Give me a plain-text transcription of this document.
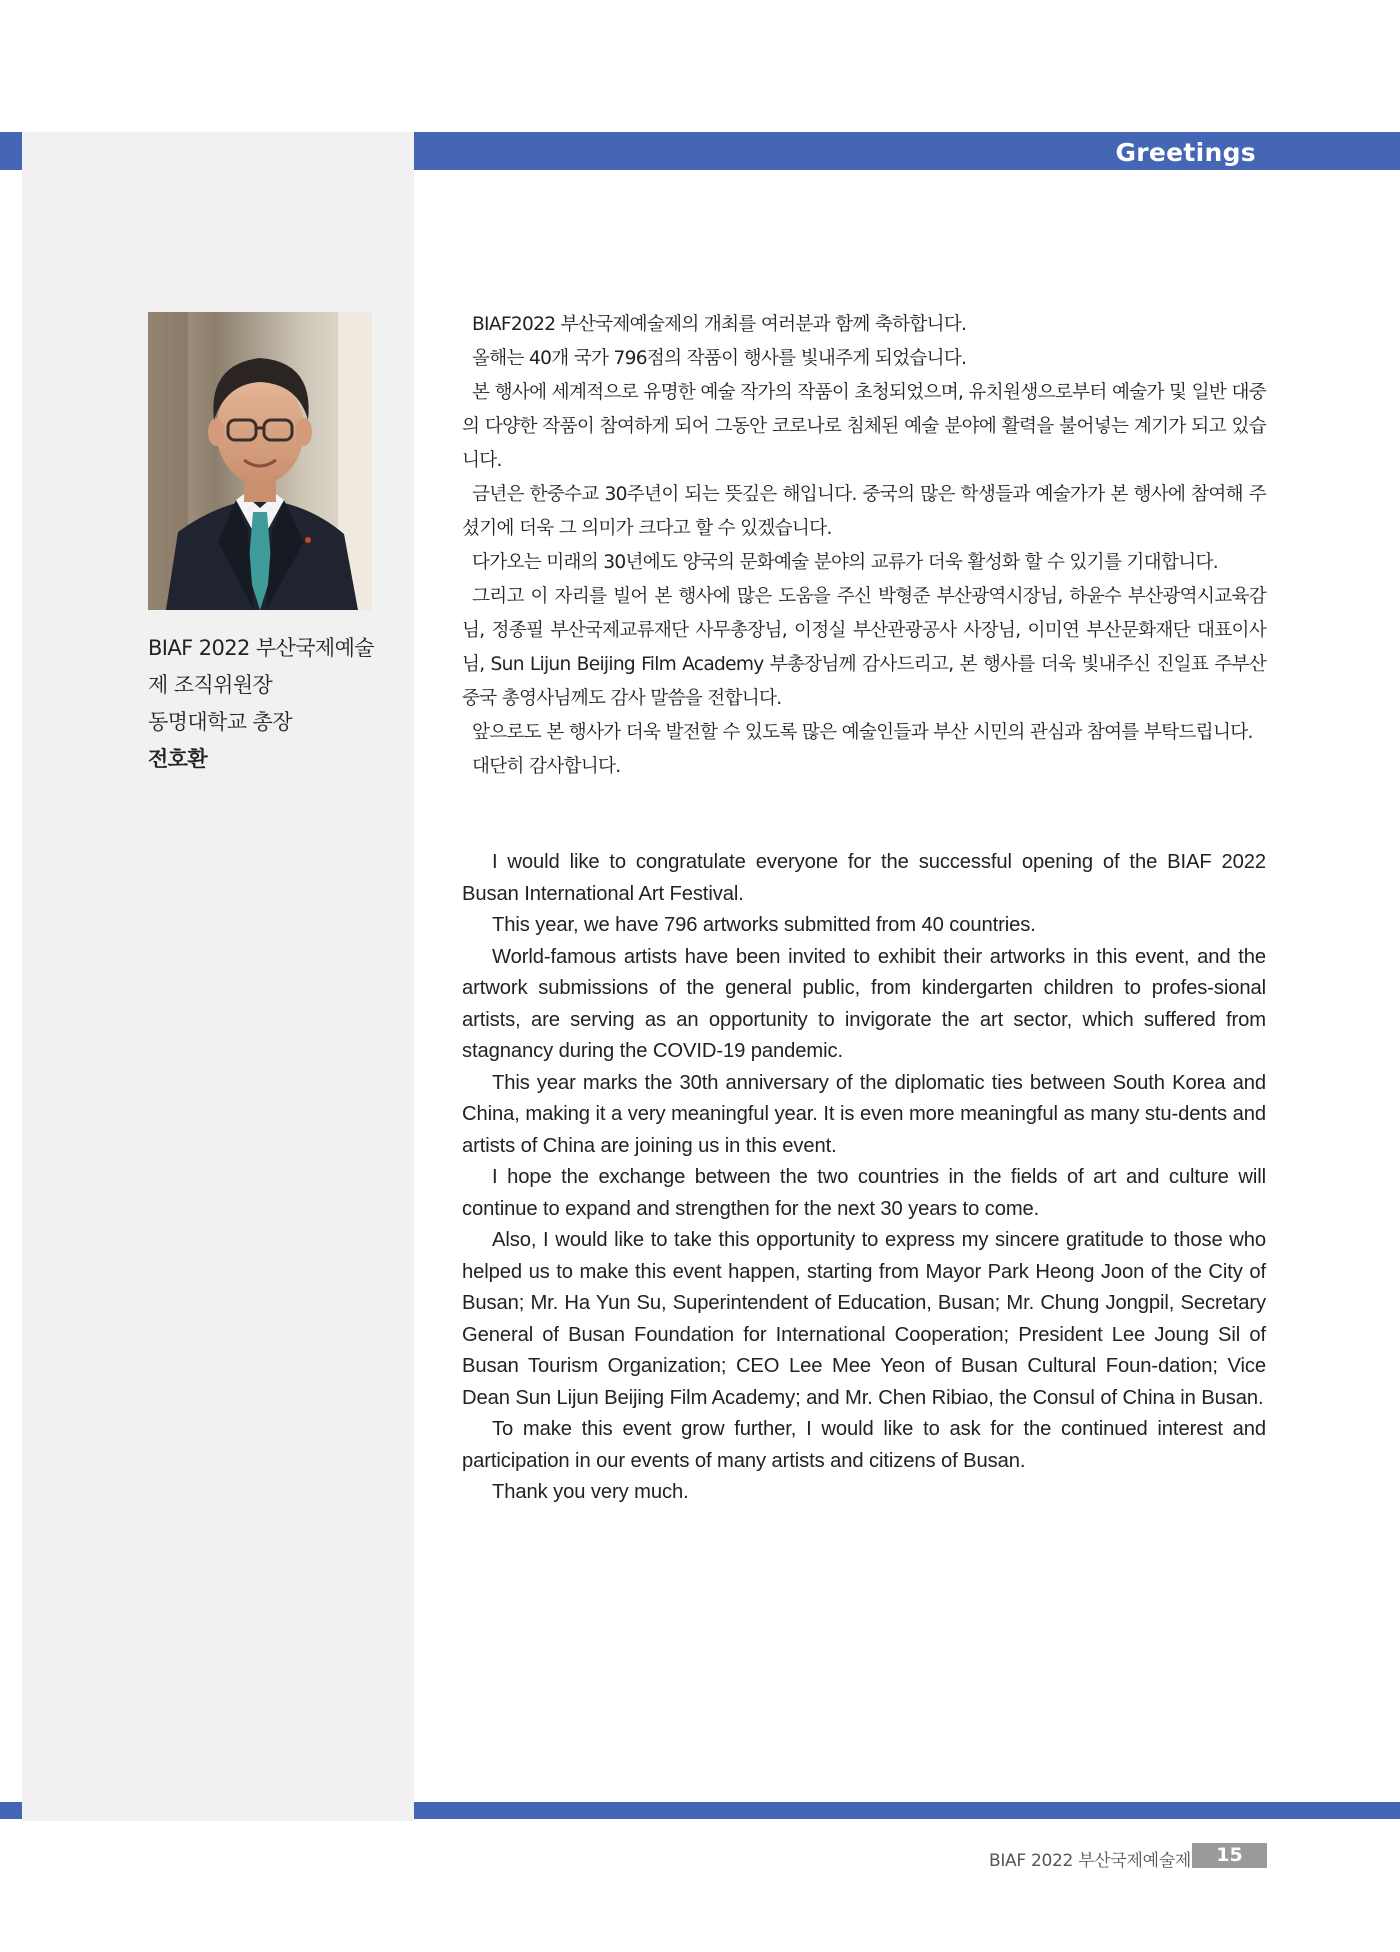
Greetings
BIAF 2022 부산국제예술
제 조직위원장
동명대학교 총장
전호환

BIAF2022 부산국제예술제의 개최를 여러분과 함께 축하합니다.

올해는 40개 국가 796점의 작품이 행사를 빛내주게 되었습니다.

본 행사에 세계적으로 유명한 예술 작가의 작품이 초청되었으며, 유치원생으로부터 예술가 및 일반 대중의 다양한 작품이 참여하게 되어 그동안 코로나로 침체된 예술 분야에 활력을 불어넣는 계기가 되고 있습니다.

금년은 한중수교 30주년이 되는 뜻깊은 해입니다. 중국의 많은 학생들과 예술가가 본 행사에 참여해 주셨기에 더욱 그 의미가 크다고 할 수 있겠습니다.

다가오는 미래의 30년에도 양국의 문화예술 분야의 교류가 더욱 활성화 할 수 있기를 기대합니다.

그리고 이 자리를 빌어 본 행사에 많은 도움을 주신 박형준 부산광역시장님, 하윤수 부산광역시교육감님, 정종필 부산국제교류재단 사무총장님, 이정실 부산관광공사 사장님, 이미연 부산문화재단 대표이사님, Sun Lijun Beijing Film Academy 부총장님께 감사드리고, 본 행사를 더욱 빛내주신 진일표 주부산 중국 총영사님께도 감사 말씀을 전합니다.

앞으로도 본 행사가 더욱 발전할 수 있도록 많은 예술인들과 부산 시민의 관심과 참여를 부탁드립니다.

대단히 감사합니다.

I would like to congratulate everyone for the successful opening of the BIAF 2022 Busan International Art Festival.

This year, we have 796 artworks submitted from 40 countries.

World-famous artists have been invited to exhibit their artworks in this event, and the artwork submissions of the general public, from kindergarten children to profes-sional artists, are serving as an opportunity to invigorate the art sector, which suffered from stagnancy during the COVID-19 pandemic.

This year marks the 30th anniversary of the diplomatic ties between South Korea and China, making it a very meaningful year. It is even more meaningful as many stu-dents and artists of China are joining us in this event.

I hope the exchange between the two countries in the fields of art and culture will continue to expand and strengthen for the next 30 years to come.

Also, I would like to take this opportunity to express my sincere gratitude to those who helped us to make this event happen, starting from Mayor Park Heong Joon of the City of Busan; Mr. Ha Yun Su, Superintendent of Education, Busan; Mr. Chung Jongpil, Secretary General of Busan Foundation for International Cooperation; President Lee Joung Sil of Busan Tourism Organization; CEO Lee Mee Yeon of Busan Cultural Foun-dation; Vice Dean Sun Lijun Beijing Film Academy; and Mr. Chen Ribiao, the Consul of China in Busan.

To make this event grow further, I would like to ask for the continued interest and participation in our events of many artists and citizens of Busan.

Thank you very much.

BIAF 2022 부산국제예술제	15
